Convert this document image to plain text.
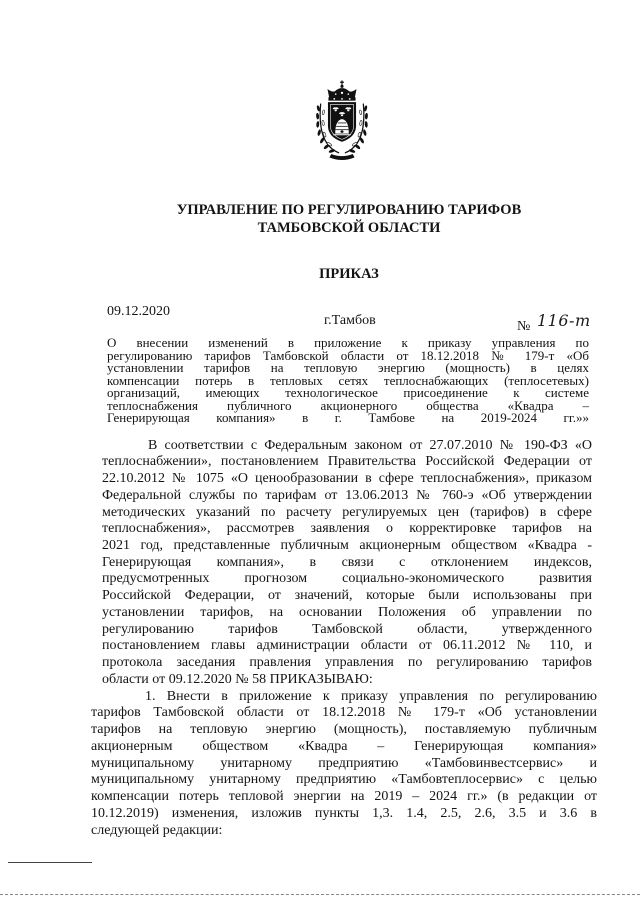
УПРАВЛЕНИЕ ПО РЕГУЛИРОВАНИЮ ТАРИФОВ
ТАМБОВСКОЙ ОБЛАСТИ
ПРИКАЗ
09.12.2020
г.Тамбов	№ 116-т
О внесении изменений в приложение к приказу управления по
регулированию тарифов Тамбовской области от 18.12.2018 № 179-т «Об
установлении тарифов на тепловую энергию (мощность) в целях
компенсации потерь в тепловых сетях теплоснабжающих (теплосетевых)
организаций, имеющих технологическое присоединение к системе
теплоснабжения публичного акционерного общества «Квадра –
Генерирующая компания» в г. Тамбове на 2019-2024 гг.»»
В соответствии с Федеральным законом от 27.07.2010 № 190-ФЗ «О
теплоснабжении», постановлением Правительства Российской Федерации от
22.10.2012 № 1075 «О ценообразовании в сфере теплоснабжения», приказом
Федеральной службы по тарифам от 13.06.2013 № 760-э «Об утверждении
методических указаний по расчету регулируемых цен (тарифов) в сфере
теплоснабжения», рассмотрев заявления о корректировке тарифов на
2021 год, представленные публичным акционерным обществом «Квадра -
Генерирующая компания», в связи с отклонением индексов,
предусмотренных прогнозом социально-экономического развития
Российской Федерации, от значений, которые были использованы при
установлении тарифов, на основании Положения об управлении по
регулированию тарифов Тамбовской области, утвержденного
постановлением главы администрации области от 06.11.2012 № 110, и
протокола заседания правления управления по регулированию тарифов
области от 09.12.2020 № 58 ПРИКАЗЫВАЮ:
1. Внести в приложение к приказу управления по регулированию
тарифов Тамбовской области от 18.12.2018 № 179-т «Об установлении
тарифов на тепловую энергию (мощность), поставляемую публичным
акционерным обществом «Квадра – Генерирующая компания»
муниципальному унитарному предприятию «Тамбовинвестсервис» и
муниципальному унитарному предприятию «Тамбовтеплосервис» с целью
компенсации потерь тепловой энергии на 2019 – 2024 гг.» (в редакции от
10.12.2019) изменения, изложив пункты 1,3. 1.4, 2.5, 2.6, 3.5 и 3.6 в
следующей редакции:
